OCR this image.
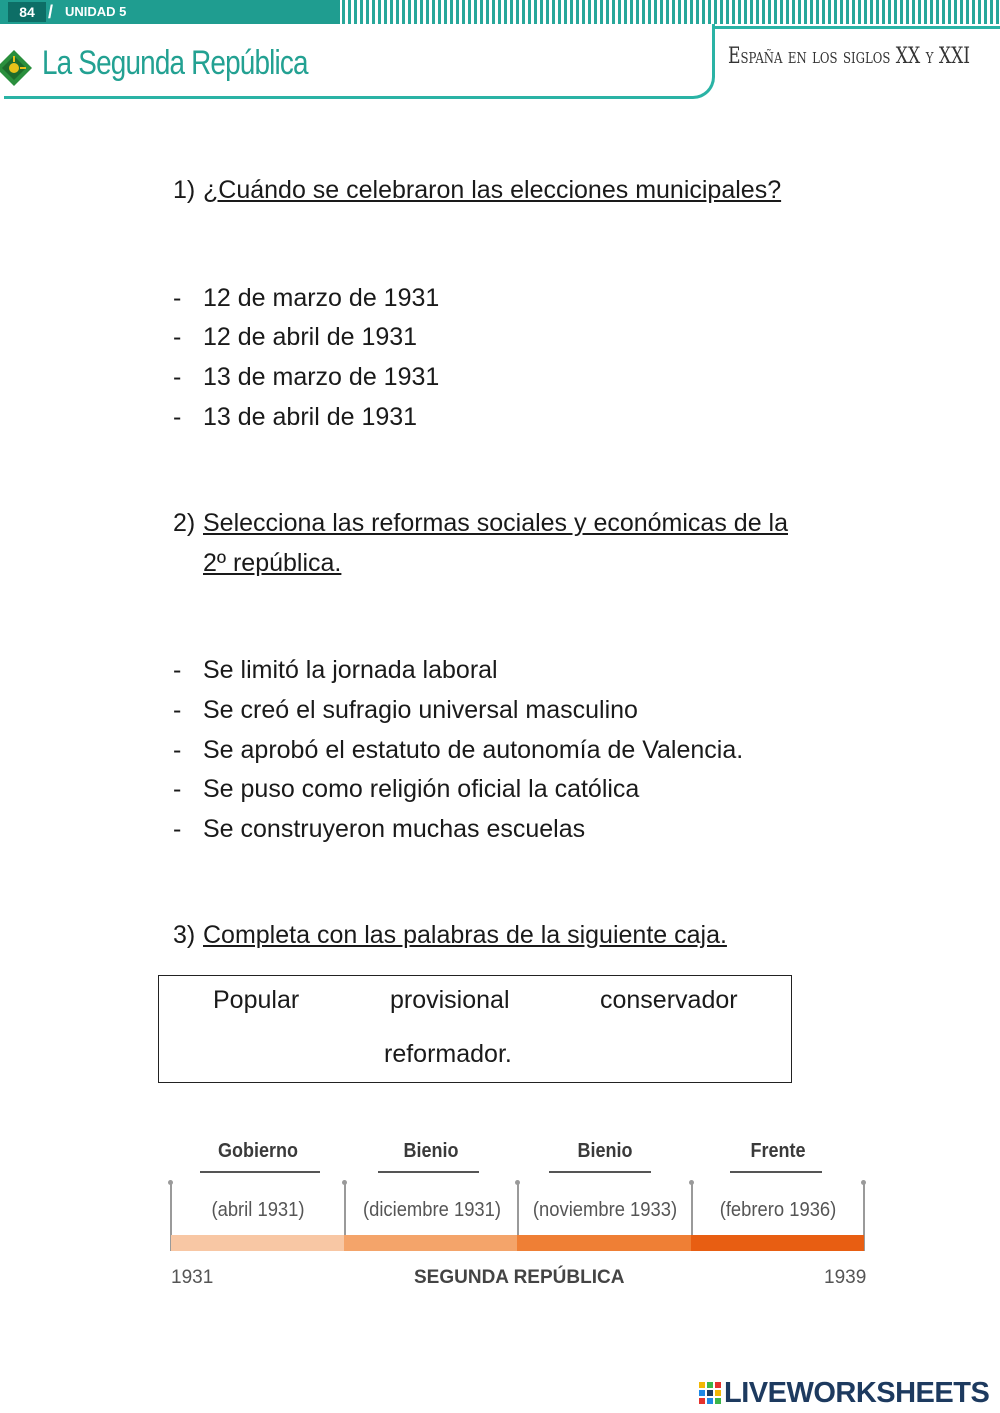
84 / UNIDAD 5
La Segunda República	España en los siglos XX y XXI
1) ¿Cuándo se celebraron las elecciones municipales?
- 12 de marzo de 1931
- 12 de abril de 1931
- 13 de marzo de 1931
- 13 de abril de 1931
2) Selecciona las reformas sociales y económicas de la
2º república.
- Se limitó la jornada laboral
- Se creó el sufragio universal masculino
- Se aprobó el estatuto de autonomía de Valencia.
- Se puso como religión oficial la católica
- Se construyeron muchas escuelas
3) Completa con las palabras de la siguiente caja.
Popular	provisional	conservador
reformador.
Gobierno	Bienio	Bienio	Frente
(abril 1931)	(diciembre 1931)	(noviembre 1933)	(febrero 1936)
1931	SEGUNDA REPÚBLICA	1939
LIVEWORKSHEETS
